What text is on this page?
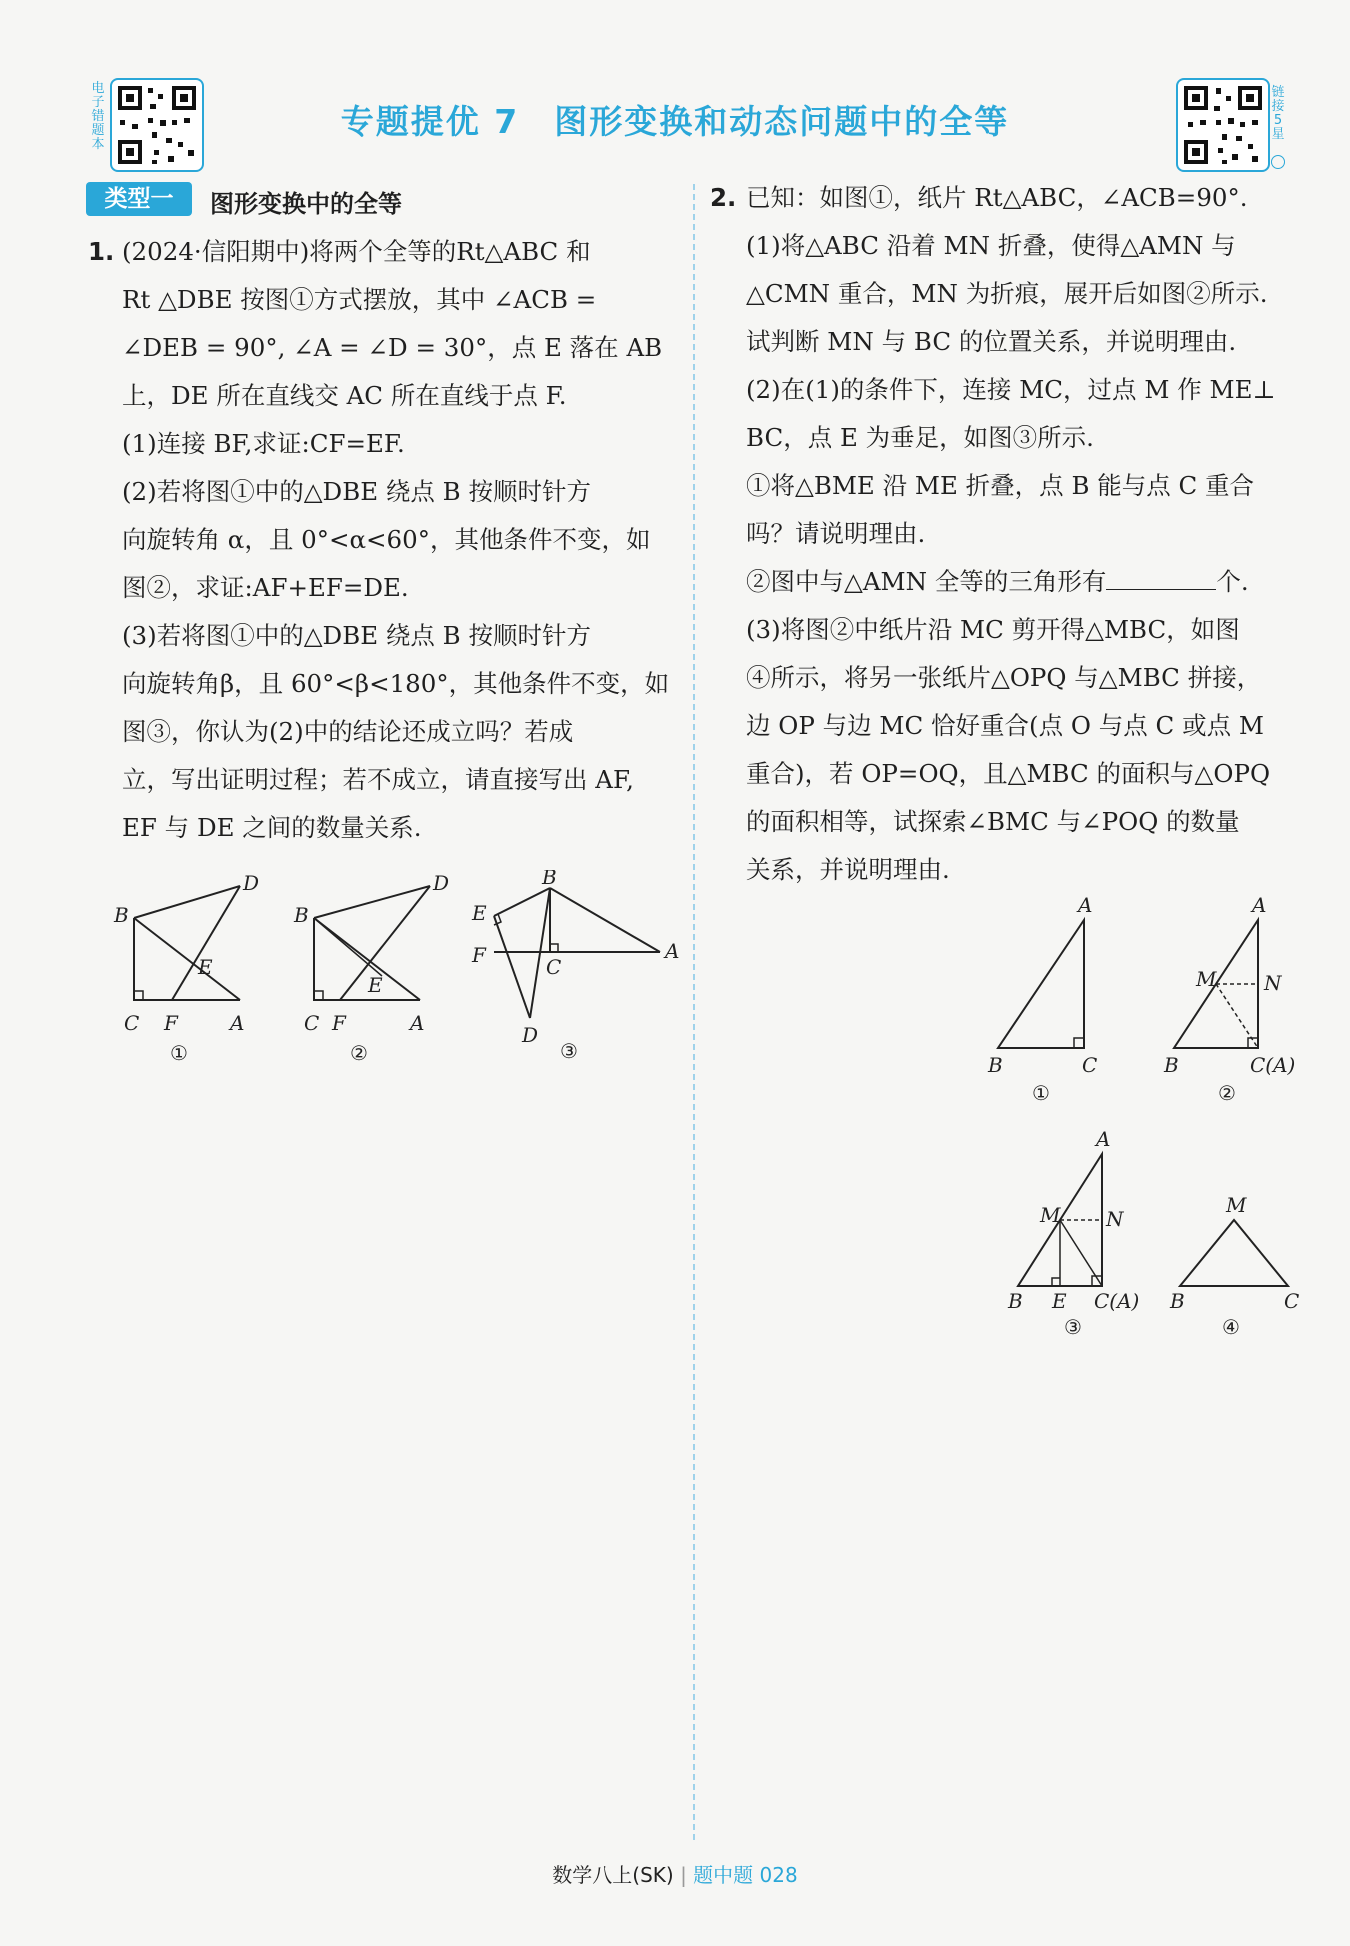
电子错题本
专题提优 7　图形变换和动态问题中的全等
链接5星
类型一	图形变换中的全等
1. (2024·信阳期中)将两个全等的Rt△ABC 和
Rt △DBE 按图①方式摆放，其中 ∠ACB =
∠DEB = 90°, ∠A = ∠D = 30°，点 E 落在 AB
上，DE 所在直线交 AC 所在直线于点 F.
(1)连接 BF,求证:CF=EF.
(2)若将图①中的△DBE 绕点 B 按顺时针方
向旋转角 α，且 0°<α<60°，其他条件不变，如
图②，求证:AF+EF=DE.
(3)若将图①中的△DBE 绕点 B 按顺时针方
向旋转角β，且 60°<β<180°，其他条件不变，如
图③，你认为(2)中的结论还成立吗？若成
立，写出证明过程；若不成立，请直接写出 AF,
EF 与 DE 之间的数量关系.
D
B
E
C F	A
①
D
B
E
C F	A
②
B
E
F	C
A
D
③
2. 已知：如图①，纸片 Rt△ABC，∠ACB=90°.
(1)将△ABC 沿着 MN 折叠，使得△AMN 与
△CMN 重合，MN 为折痕，展开后如图②所示.
试判断 MN 与 BC 的位置关系，并说明理由.
(2)在(1)的条件下，连接 MC，过点 M 作 ME⊥
BC，点 E 为垂足，如图③所示.
①将△BME 沿 ME 折叠，点 B 能与点 C 重合
吗？请说明理由.
②图中与△AMN 全等的三角形有	个.
(3)将图②中纸片沿 MC 剪开得△MBC，如图
④所示，将另一张纸片△OPQ 与△MBC 拼接，
边 OP 与边 MC 恰好重合(点 O 与点 C 或点 M
重合)，若 OP=OQ，且△MBC 的面积与△OPQ
的面积相等，试探索∠BMC 与∠POQ 的数量
关系，并说明理由.
A
B	C
①
A
M N
B	C(A)
②
A
M N
B E C(A)
③
M
B	C
④
数学八上(SK) | 题中题 028
